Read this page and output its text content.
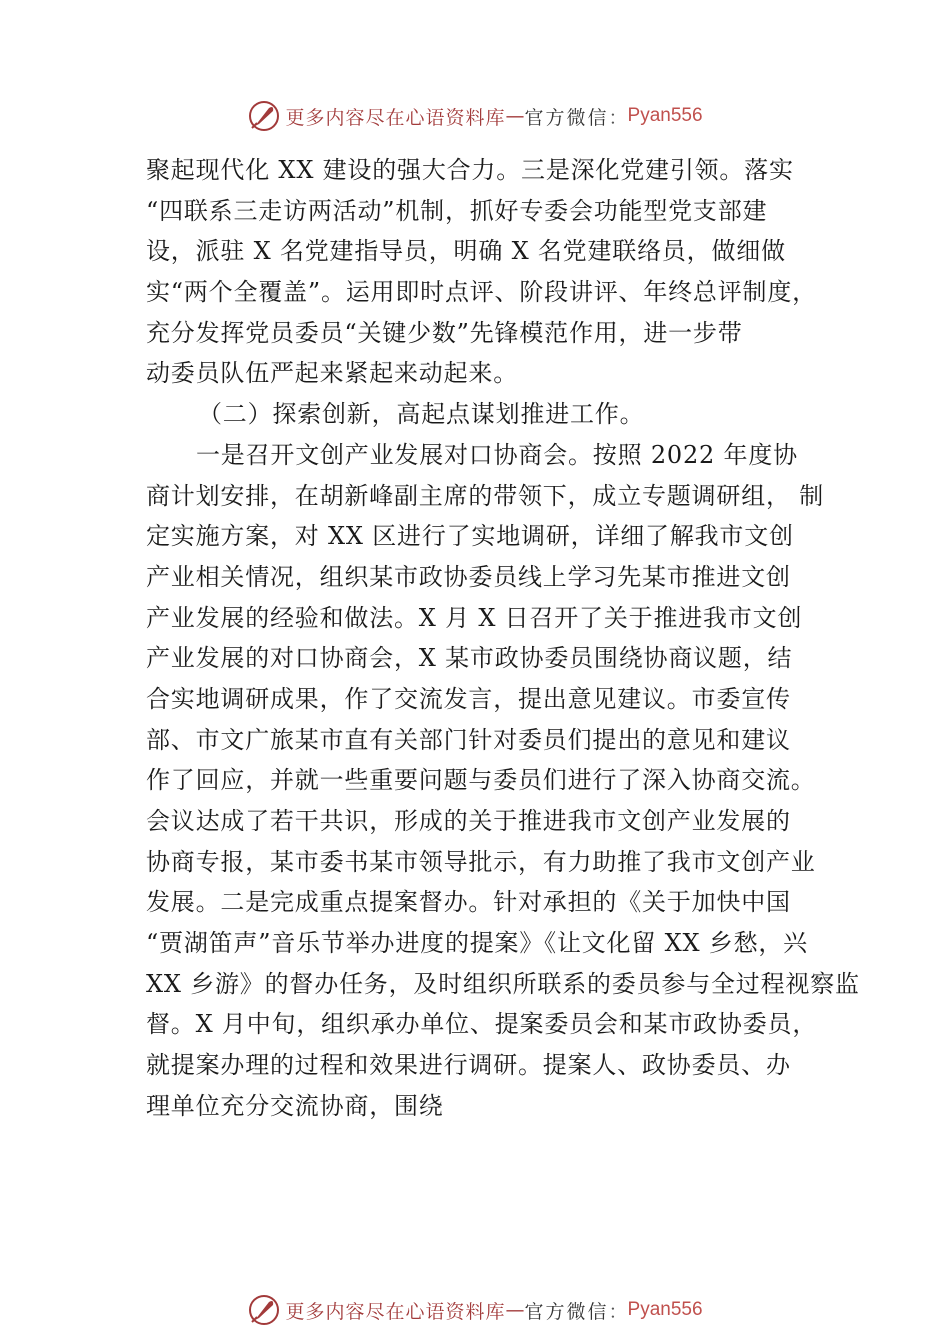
更多内容尽在心语资料库 — 官方微信 ： Pyan556
聚起现代化 XX 建设的强大合力。三是深化党建引领。落实
“四联系三走访两活动”机制，抓好专委会功能型党支部建
设，派驻 X 名党建指导员，明确 X 名党建联络员，做细做
实“两个全覆盖”。运用即时点评、阶段讲评、年终总评制度，
充分发挥党员委员“关键少数”先锋模范作用，进一步带
动委员队伍严起来紧起来动起来。
（二）探索创新，高起点谋划推进工作。
一是召开文创产业发展对口协商会。按照 2022 年度协
商计划安排，在胡新峰副主席的带领下，成立专题调研组， 制
定实施方案，对 XX 区进行了实地调研，详细了解我市文创
产业相关情况，组织某市政协委员线上学习先某市推进文创
产业发展的经验和做法。X 月 X 日召开了关于推进我市文创
产业发展的对口协商会，X 某市政协委员围绕协商议题，结
合实地调研成果，作了交流发言，提出意见建议。市委宣传
部、市文广旅某市直有关部门针对委员们提出的意见和建议
作了回应，并就一些重要问题与委员们进行了深入协商交流。
会议达成了若干共识，形成的关于推进我市文创产业发展的
协商专报，某市委书某市领导批示，有力助推了我市文创产业
发展。二是完成重点提案督办。针对承担的《关于加快中国
“贾湖笛声”音乐节举办进度的提案》《让文化留 XX 乡愁，兴
XX 乡游》的督办任务，及时组织所联系的委员参与全过程视察监
督。X 月中旬，组织承办单位、提案委员会和某市政协委员，
就提案办理的过程和效果进行调研。提案人、政协委员、办
理单位充分交流协商，围绕
更多内容尽在心语资料库 — 官方微信 ： Pyan556
